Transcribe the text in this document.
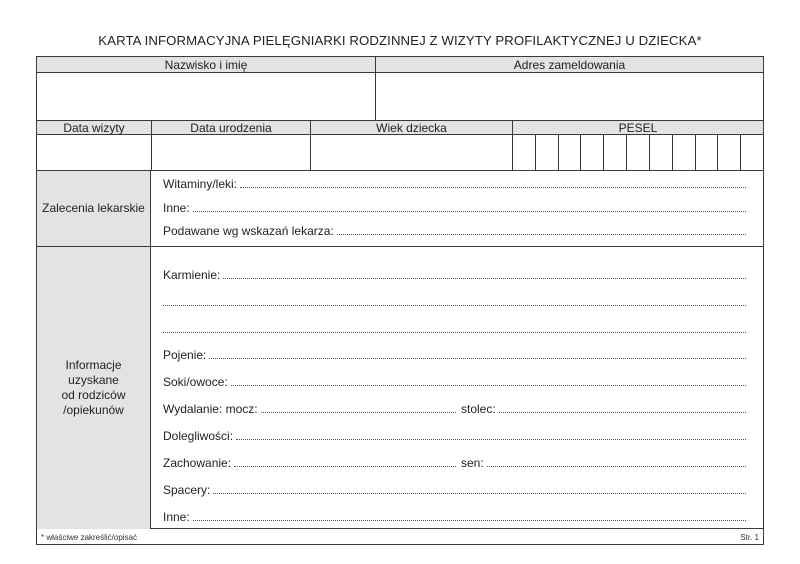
KARTA INFORMACYJNA PIELĘGNIARKI RODZINNEJ Z WIZYTY PROFILAKTYCZNEJ U DZIECKA*
Nazwisko i imię	Adres zameldowania
Data wizyty	Data urodzenia	Wiek dziecka	PESEL
Zalecenia lekarskie
Witaminy/leki:
Inne:
Podawane wg wskazań lekarza:
Informacje
uzyskane
od rodziców
/opiekunów
Karmienie:
Pojenie:
Soki/owoce:
Wydalanie: mocz:	stolec:
Dolegliwości:
Zachowanie:	sen:
Spacery:
Inne:
* właściwe zakreślić/opisać	Str. 1
